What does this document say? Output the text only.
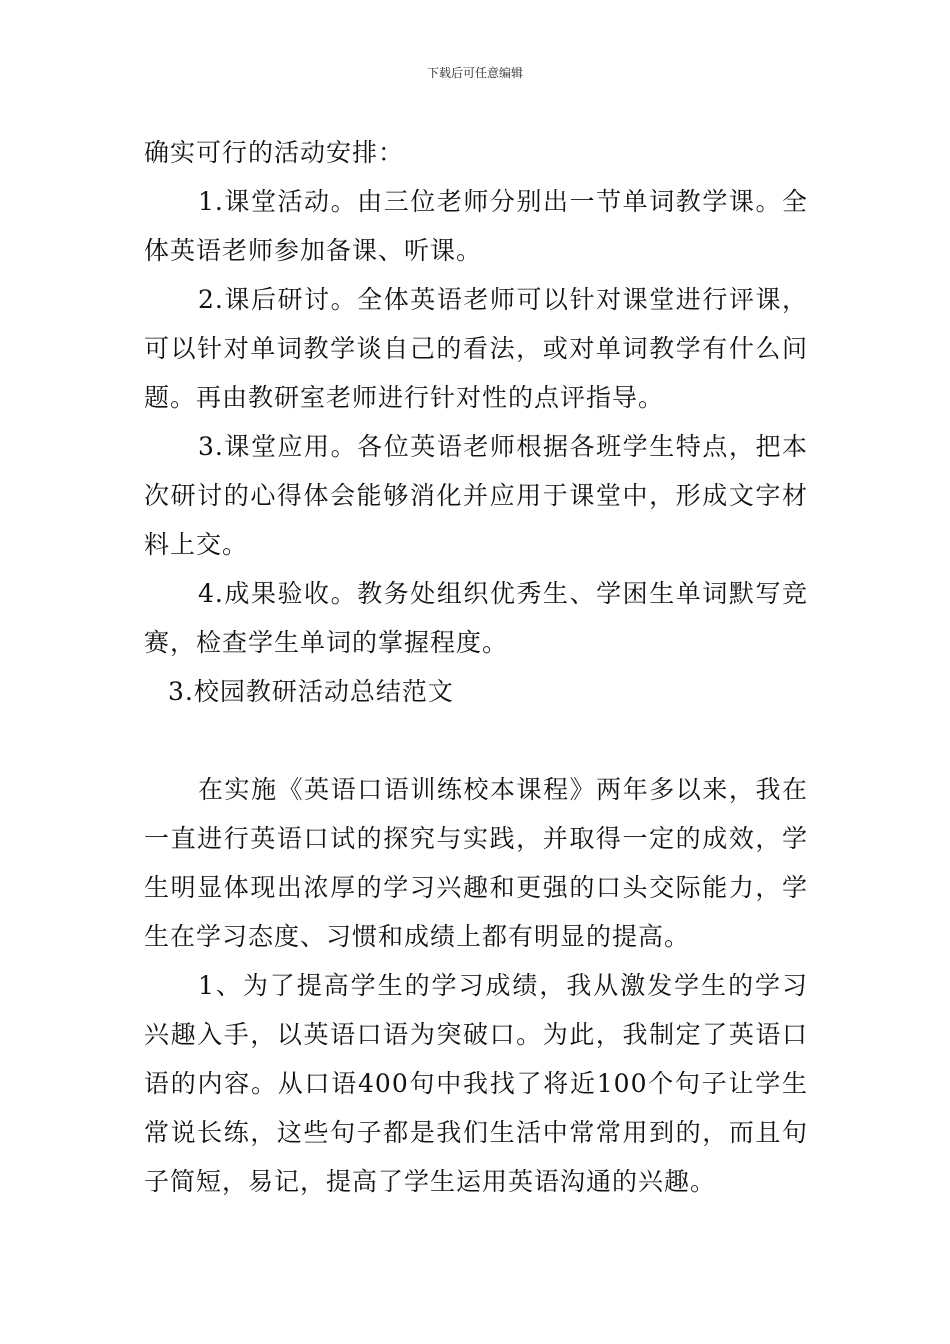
下载后可任意编辑

确实可行的活动安排：

1.课堂活动。由三位老师分别出一节单词教学课。全体英语老师参加备课、听课。

2.课后研讨。全体英语老师可以针对课堂进行评课，可以针对单词教学谈自己的看法，或对单词教学有什么问题。再由教研室老师进行针对性的点评指导。

3.课堂应用。各位英语老师根据各班学生特点，把本次研讨的心得体会能够消化并应用于课堂中，形成文字材料上交。

4.成果验收。教务处组织优秀生、学困生单词默写竞赛，检查学生单词的掌握程度。

3.校园教研活动总结范文

在实施《英语口语训练校本课程》两年多以来，我在一直进行英语口试的探究与实践，并取得一定的成效，学生明显体现出浓厚的学习兴趣和更强的口头交际能力，学生在学习态度、习惯和成绩上都有明显的提高。

1、为了提高学生的学习成绩，我从激发学生的学习兴趣入手，以英语口语为突破口。为此，我制定了英语口语的内容。从口语400句中我找了将近100个句子让学生常说长练，这些句子都是我们生活中常常用到的，而且句子简短，易记，提高了学生运用英语沟通的兴趣。
